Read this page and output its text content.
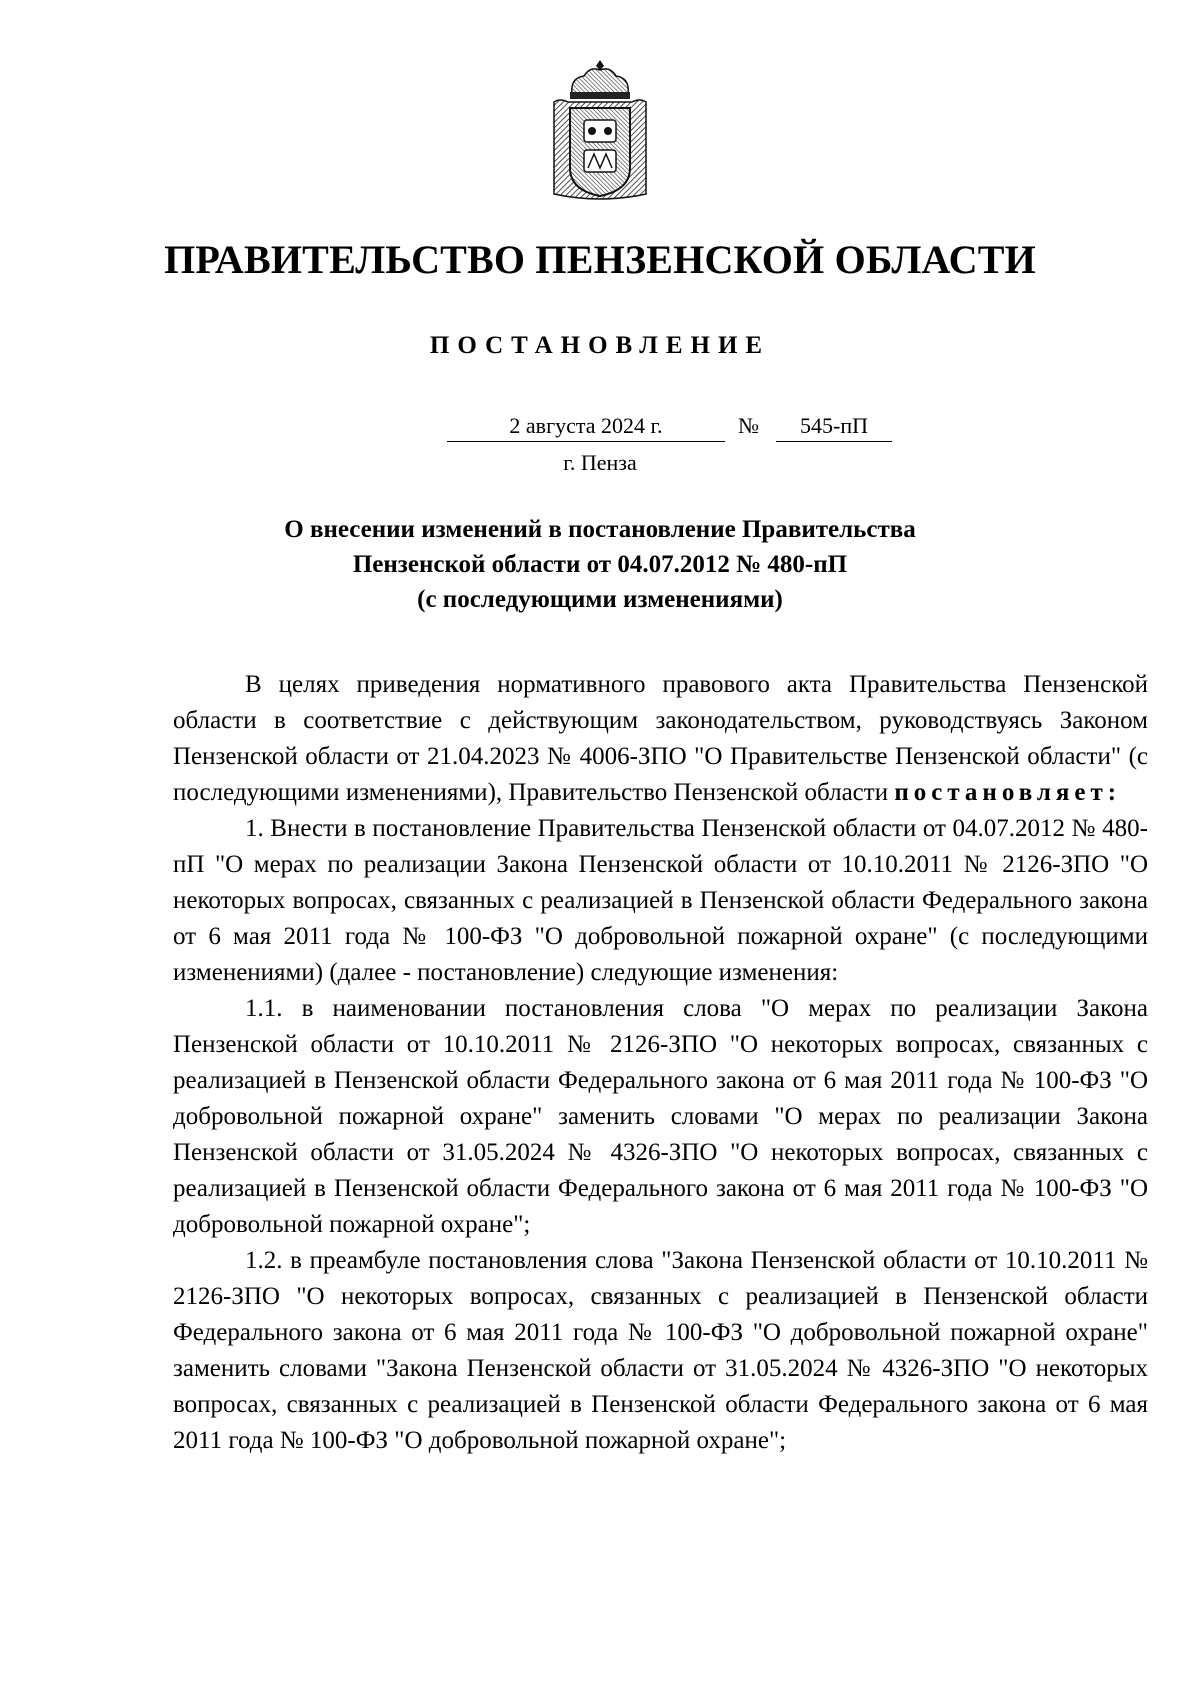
ПРАВИТЕЛЬСТВО ПЕНЗЕНСКОЙ ОБЛАСТИ
ПОСТАНОВЛЕНИЕ
2 августа 2024 г.	№	545-пП
г. Пенза
О внесении изменений в постановление Правительства
Пензенской области от 04.07.2012 № 480-пП
(с последующими изменениями)

В целях приведения нормативного правового акта Правительства Пензенской области в соответствие с действующим законодательством, руководствуясь Законом Пензенской области от 21.04.2023 № 4006-ЗПО "О Правительстве Пензенской области" (с последующими изменениями), Правительство Пензенской области постановляет:

1. Внести в постановление Правительства Пензенской области от 04.07.2012 № 480-пП "О мерах по реализации Закона Пензенской области от 10.10.2011 № 2126-ЗПО "О некоторых вопросах, связанных с реализацией в Пензенской области Федерального закона от 6 мая 2011 года № 100-ФЗ "О добровольной пожарной охране" (с последующими изменениями) (далее - постановление) следующие изменения:

1.1. в наименовании постановления слова "О мерах по реализации Закона Пензенской области от 10.10.2011 № 2126-ЗПО "О некоторых вопросах, связанных с реализацией в Пензенской области Федерального закона от 6 мая 2011 года № 100-ФЗ "О добровольной пожарной охране" заменить словами "О мерах по реализации Закона Пензенской области от 31.05.2024 № 4326-ЗПО "О некоторых вопросах, связанных с реализацией в Пензенской области Федерального закона от 6 мая 2011 года № 100-ФЗ "О добровольной пожарной охране";

1.2. в преамбуле постановления слова "Закона Пензенской области от 10.10.2011 № 2126-ЗПО "О некоторых вопросах, связанных с реализацией в Пензенской области Федерального закона от 6 мая 2011 года № 100-ФЗ "О добровольной пожарной охране" заменить словами "Закона Пензенской области от 31.05.2024 № 4326-ЗПО "О некоторых вопросах, связанных с реализацией в Пензенской области Федерального закона от 6 мая 2011 года № 100-ФЗ "О добровольной пожарной охране";
